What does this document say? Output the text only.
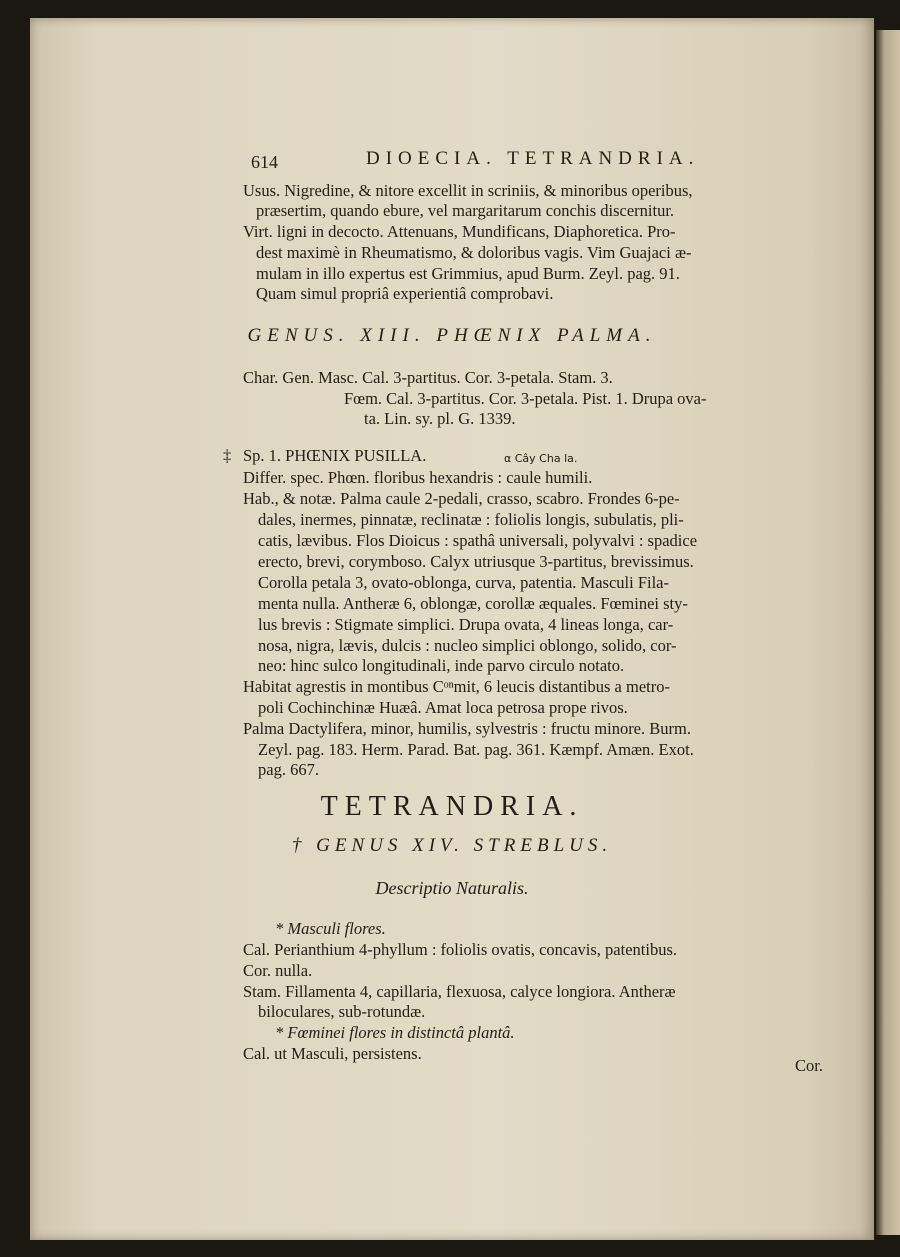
614	DIOECIA. TETRANDRIA.
Usus. Nigredine, & nitore excellit in scriniis, & minoribus operibus,
præsertim, quando ebure, vel margaritarum conchis discernitur.
Virt. ligni in decocto. Attenuans, Mundificans, Diaphoretica. Pro-
dest maximè in Rheumatismo, & doloribus vagis. Vim Guajaci æ-
mulam in illo expertus est Grimmius, apud Burm. Zeyl. pag. 91.
Quam simul propriâ experientiâ comprobavi.
GENUS. XIII. PHŒNIX PALMA.
Char. Gen. Masc. Cal. 3-partitus. Cor. 3-petala. Stam. 3.
Fœm. Cal. 3-partitus. Cor. 3-petala. Pist. 1. Drupa ova-
ta. Lin. sy. pl. G. 1339.
‡ Sp. 1. PHŒNIX PUSILLA.	α Cây Cha la.
Differ. spec. Phœn. floribus hexandris : caule humili.
Hab., & notæ. Palma caule 2-pedali, crasso, scabro. Frondes 6-pe-
dales, inermes, pinnatæ, reclinatæ : foliolis longis, subulatis, pli-
catis, lævibus. Flos Dioicus : spathâ universali, polyvalvi : spadice
erecto, brevi, corymboso. Calyx utriusque 3-partitus, brevissimus.
Corolla petala 3, ovato-oblonga, curva, patentia. Masculi Fila-
menta nulla. Antheræ 6, oblongæ, corollæ æquales. Fœminei sty-
lus brevis : Stigmate simplici. Drupa ovata, 4 lineas longa, car-
nosa, nigra, lævis, dulcis : nucleo simplici oblongo, solido, cor-
neo: hinc sulco longitudinali, inde parvo circulo notato.
Habitat agrestis in montibus Cᵒⁿmit, 6 leucis distantibus a metro-
poli Cochinchinæ Huæâ. Amat loca petrosa prope rivos.
Palma Dactylifera, minor, humilis, sylvestris : fructu minore. Burm.
Zeyl. pag. 183. Herm. Parad. Bat. pag. 361. Kæmpf. Amæn. Exot.
pag. 667.
TETRANDRIA.
† GENUS XIV. STREBLUS.
Descriptio Naturalis.
* Masculi flores.
Cal. Perianthium 4-phyllum : foliolis ovatis, concavis, patentibus.
Cor. nulla.
Stam. Fillamenta 4, capillaria, flexuosa, calyce longiora. Antheræ
biloculares, sub-rotundæ.
* Fœminei flores in distinctâ plantâ.
Cal. ut Masculi, persistens.
Cor.
